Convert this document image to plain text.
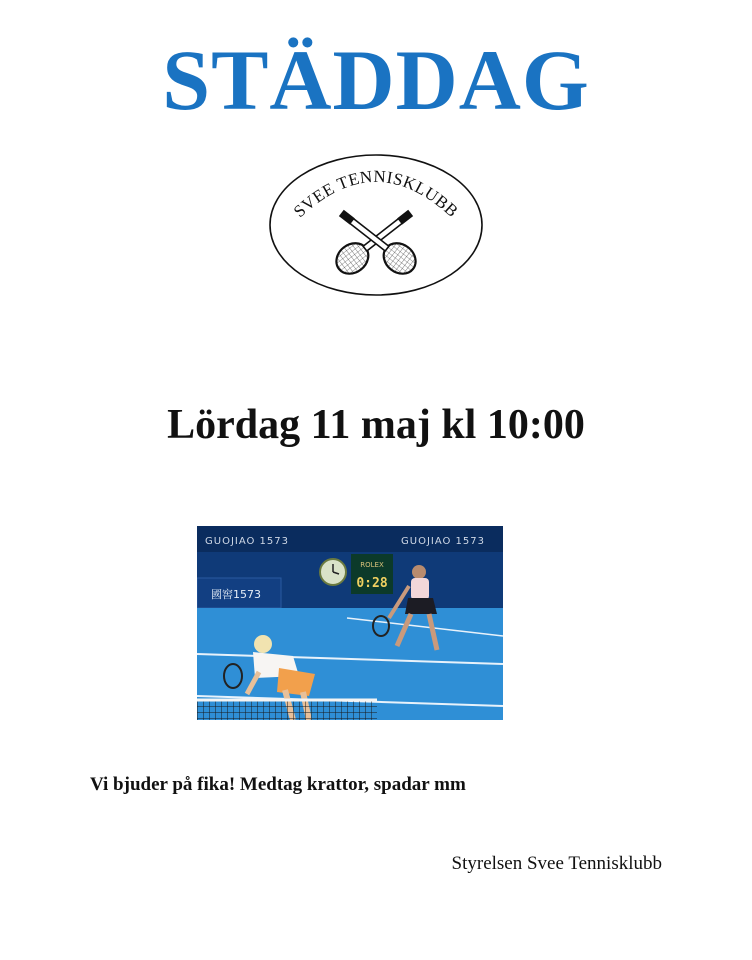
STÄDDAG
SVEE TENNISKLUBB
Lördag 11 maj kl 10:00
GUOJIAO 1573	GUOJIAO 1573
國窖1573
ROLEX
0:28
Vi bjuder på fika! Medtag krattor, spadar mm
Styrelsen Svee Tennisklubb
